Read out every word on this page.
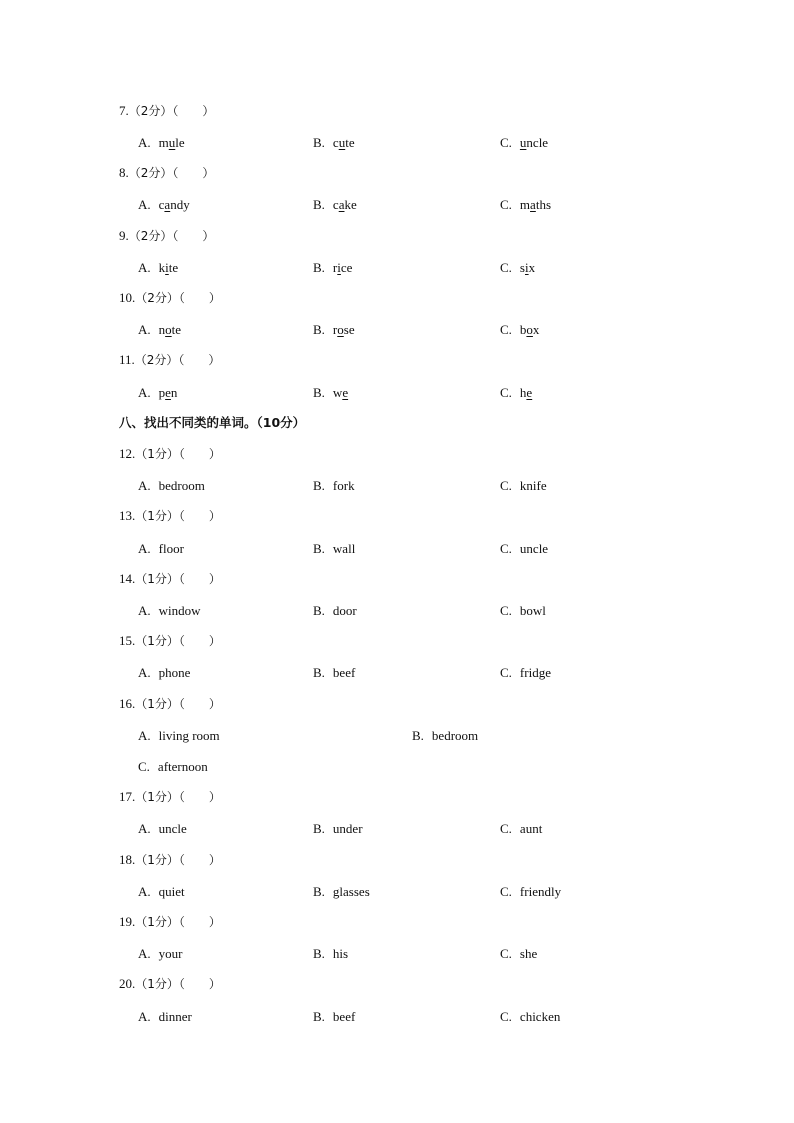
7.（2分）（　　）
A. mule	B. cute	C. uncle
8.（2分）（　　）
A. candy	B. cake	C. maths
9.（2分）（　　）
A. kite	B. rice	C. six
10.（2分）（　　）
A. note	B. rose	C. box
11.（2分）（　　）
A. pen	B. we	C. he
八、找出不同类的单词。（10分）
12.（1分）（　　）
A. bedroom	B. fork	C. knife
13.（1分）（　　）
A. floor	B. wall	C. uncle
14.（1分）（　　）
A. window	B. door	C. bowl
15.（1分）（　　）
A. phone	B. beef	C. fridge
16.（1分）（　　）
A. living room	B. bedroom
C. afternoon
17.（1分）（　　）
A. uncle	B. under	C. aunt
18.（1分）（　　）
A. quiet	B. glasses	C. friendly
19.（1分）（　　）
A. your	B. his	C. she
20.（1分）（　　）
A. dinner	B. beef	C. chicken
